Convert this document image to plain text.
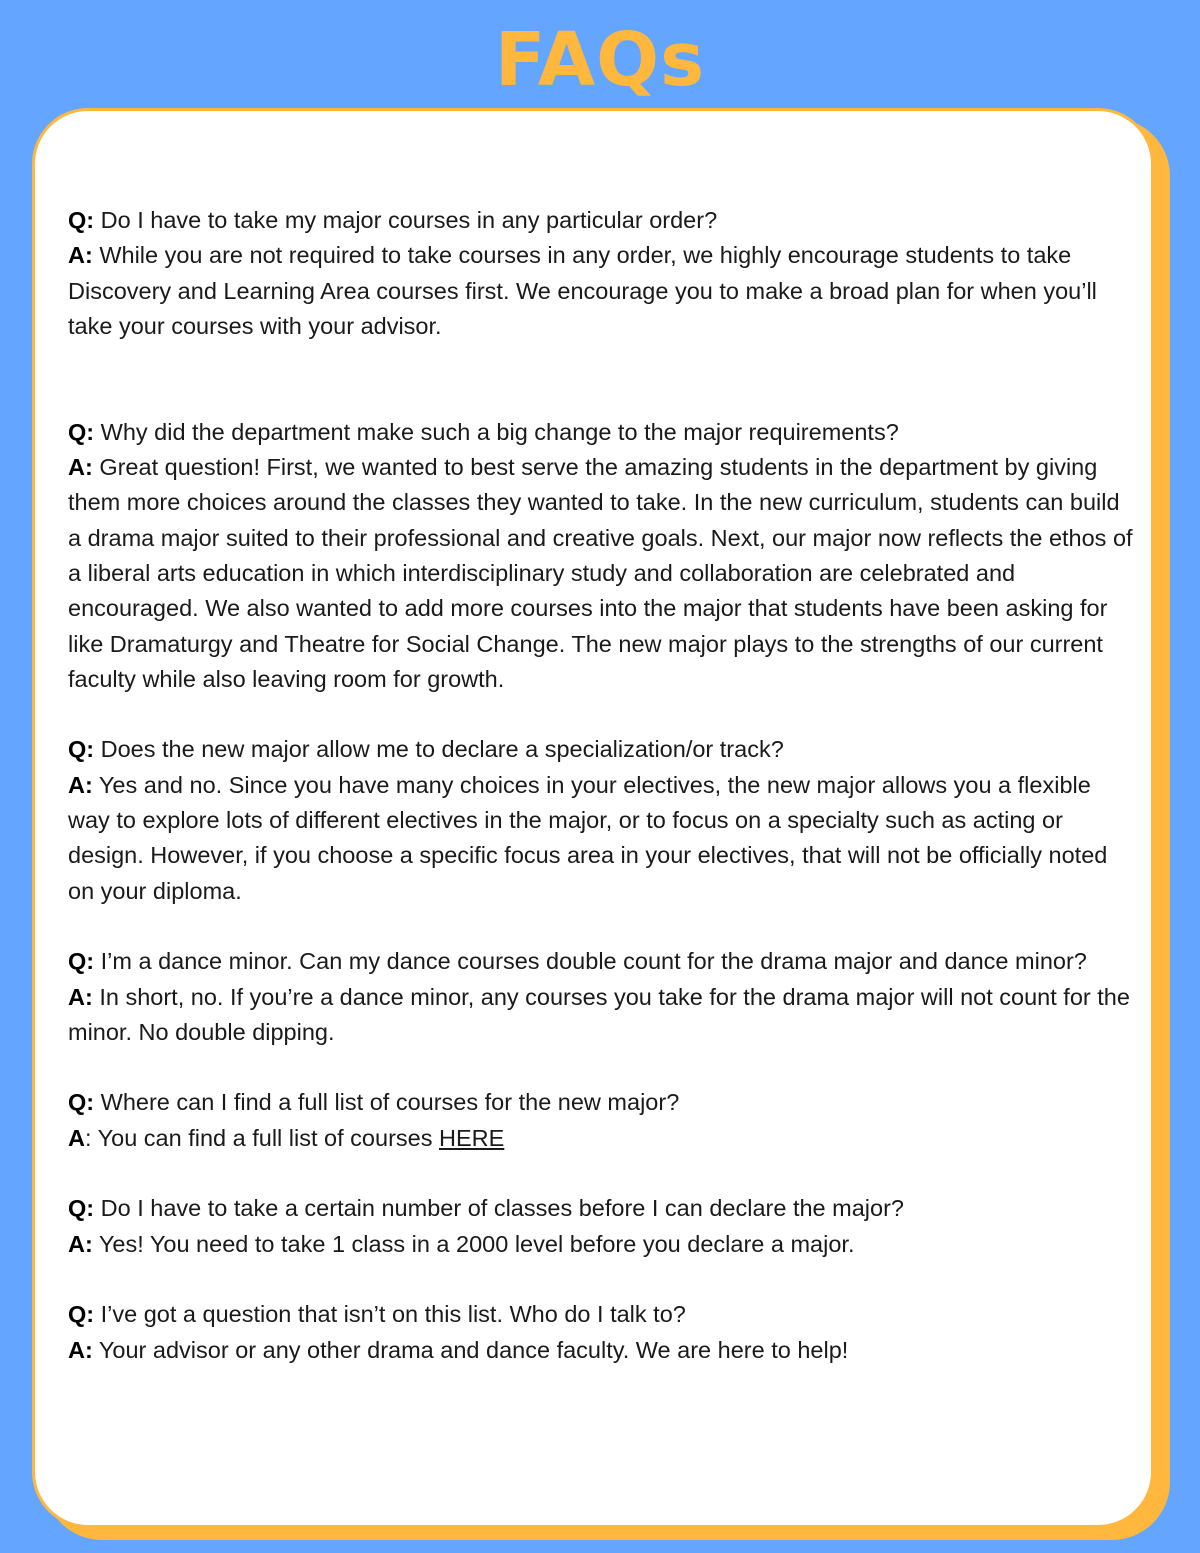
FAQs

Q: Do I have to take my major courses in any particular order?

A: While you are not required to take courses in any order, we highly encourage students to take Discovery and Learning Area courses first. We encourage you to make a broad plan for when you’ll take your courses with your advisor.

Q: Why did the department make such a big change to the major requirements?

A: Great question! First, we wanted to best serve the amazing students in the department by giving them more choices around the classes they wanted to take. In the new curriculum, students can build a drama major suited to their professional and creative goals. Next, our major now reflects the ethos of a liberal arts education in which interdisciplinary study and collaboration are celebrated and encouraged. We also wanted to add more courses into the major that students have been asking for like Dramaturgy and Theatre for Social Change. The new major plays to the strengths of our current faculty while also leaving room for growth.

Q: Does the new major allow me to declare a specialization/or track?

A: Yes and no. Since you have many choices in your electives, the new major allows you a flexible way to explore lots of different electives in the major, or to focus on a specialty such as acting or design. However, if you choose a specific focus area in your electives, that will not be officially noted on your diploma.

Q: I’m a dance minor. Can my dance courses double count for the drama major and dance minor?

A: In short, no. If you’re a dance minor, any courses you take for the drama major will not count for the minor. No double dipping.

Q: Where can I find a full list of courses for the new major?

A: You can find a full list of courses HERE

Q: Do I have to take a certain number of classes before I can declare the major?

A: Yes! You need to take 1 class in a 2000 level before you declare a major.

Q: I’ve got a question that isn’t on this list. Who do I talk to?

A: Your advisor or any other drama and dance faculty. We are here to help!
